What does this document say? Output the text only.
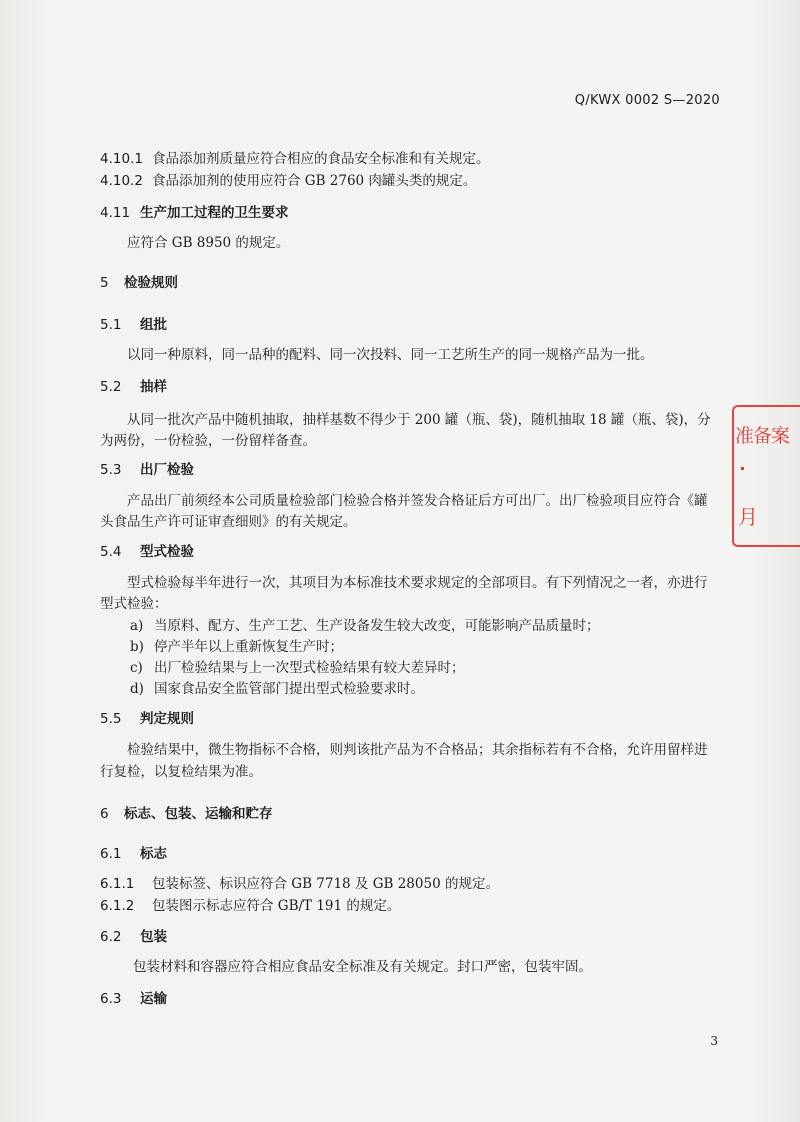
Q/KWX 0002 S—2020
4.10.1 食品添加剂质量应符合相应的食品安全标准和有关规定。
4.10.2 食品添加剂的使用应符合 GB 2760 肉罐头类的规定。
4.11 生产加工过程的卫生要求
应符合 GB 8950 的规定。
5 检验规则
5.1 组批
以同一种原料，同一品种的配料、同一次投料、同一工艺所生产的同一规格产品为一批。
5.2 抽样
从同一批次产品中随机抽取，抽样基数不得少于 200 罐（瓶、袋)，随机抽取 18 罐（瓶、袋)，分
为两份，一份检验，一份留样备查。
5.3 出厂检验
产品出厂前须经本公司质量检验部门检验合格并签发合格证后方可出厂。出厂检验项目应符合《罐
头食品生产许可证审查细则》的有关规定。
5.4 型式检验
型式检验每半年进行一次，其项目为本标准技术要求规定的全部项目。有下列情况之一者，亦进行
型式检验：
a) 当原料、配方、生产工艺、生产设备发生较大改变，可能影响产品质量时；
b) 停产半年以上重新恢复生产时；
c) 出厂检验结果与上一次型式检验结果有较大差异时；
d) 国家食品安全监管部门提出型式检验要求时。
5.5 判定规则
检验结果中，微生物指标不合格，则判该批产品为不合格品；其余指标若有不合格，允许用留样进
行复检，以复检结果为准。
6 标志、包装、运输和贮存
6.1 标志
6.1.1 包装标签、标识应符合 GB 7718 及 GB 28050 的规定。
6.1.2 包装图示标志应符合 GB/T 191 的规定。
6.2 包装
包装材料和容器应符合相应食品安全标准及有关规定。封口严密，包装牢固。
6.3 运输
准备案
月
3
